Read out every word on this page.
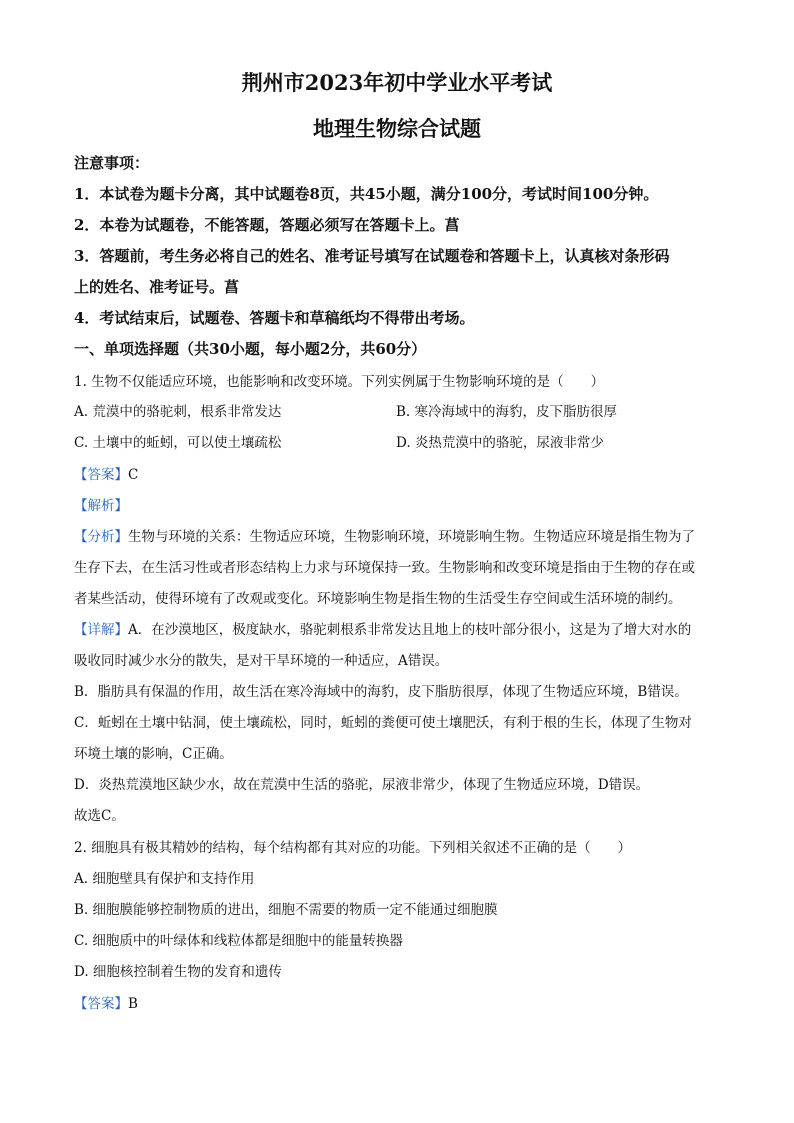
荆州市2023年初中学业水平考试
地理生物综合试题
注意事项：
1．本试卷为题卡分离，其中试题卷8页，共45小题，满分100分，考试时间100分钟。
2．本卷为试题卷，不能答题，答题必须写在答题卡上。菖
3．答题前，考生务必将自己的姓名、准考证号填写在试题卷和答题卡上，认真核对条形码
上的姓名、准考证号。菖
4．考试结束后，试题卷、答题卡和草稿纸均不得带出考场。
一、单项选择题（共30小题，每小题2分，共60分）
1. 生物不仅能适应环境，也能影响和改变环境。下列实例属于生物影响环境的是（　　）
A. 荒漠中的骆驼刺，根系非常发达	B. 寒冷海域中的海豹，皮下脂肪很厚
C. 土壤中的蚯蚓，可以使土壤疏松	D. 炎热荒漠中的骆驼，尿液非常少
【答案】C
【解析】
【分析】生物与环境的关系：生物适应环境，生物影响环境，环境影响生物。生物适应环境是指生物为了
生存下去，在生活习性或者形态结构上力求与环境保持一致。生物影响和改变环境是指由于生物的存在或
者某些活动，使得环境有了改观或变化。环境影响生物是指生物的生活受生存空间或生活环境的制约。
【详解】A．在沙漠地区，极度缺水，骆驼刺根系非常发达且地上的枝叶部分很小，这是为了增大对水的
吸收同时减少水分的散失，是对干旱环境的一种适应，A错误。
B．脂肪具有保温的作用，故生活在寒冷海域中的海豹，皮下脂肪很厚，体现了生物适应环境，B错误。
C．蚯蚓在土壤中钻洞，使土壤疏松，同时，蚯蚓的粪便可使土壤肥沃，有利于根的生长，体现了生物对
环境土壤的影响，C正确。
D．炎热荒漠地区缺少水，故在荒漠中生活的骆驼，尿液非常少，体现了生物适应环境，D错误。
故选C。
2. 细胞具有极其精妙的结构，每个结构都有其对应的功能。下列相关叙述不正确的是（　　）
A. 细胞壁具有保护和支持作用
B. 细胞膜能够控制物质的进出，细胞不需要的物质一定不能通过细胞膜
C. 细胞质中的叶绿体和线粒体都是细胞中的能量转换器
D. 细胞核控制着生物的发育和遗传
【答案】B
